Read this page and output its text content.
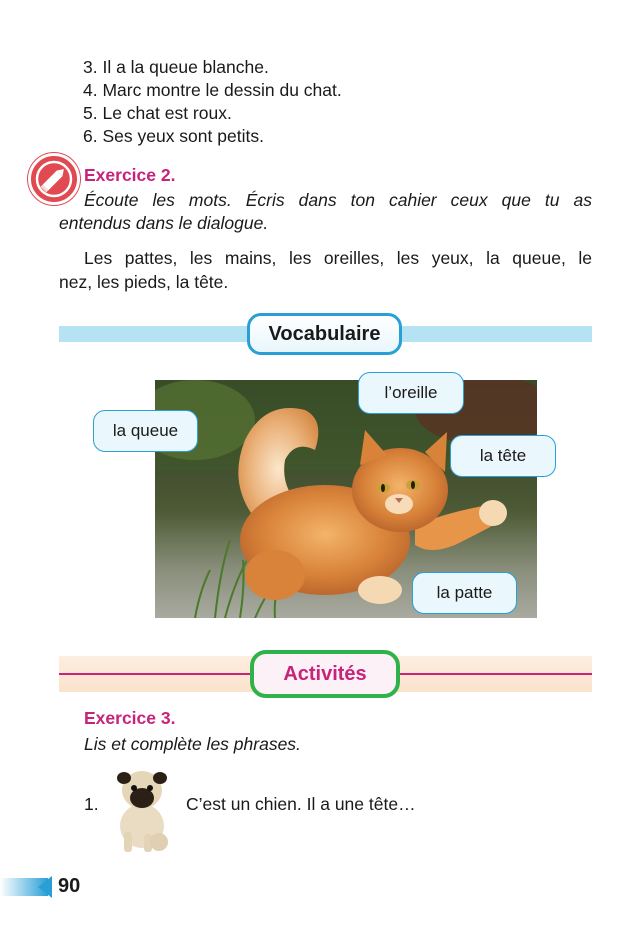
3. Il a la queue blanche.
4. Marc montre le dessin du chat.
5. Le chat est roux.
6. Ses yeux sont petits.
Exercice 2.
Écoute les mots. Écris dans ton cahier ceux que tu as
entendus dans le dialogue.
Les pattes, les mains, les oreilles, les yeux, la queue, le
nez, les pieds, la tête.
Vocabulaire
l’oreille
la queue
la tête
la patte
Activités
Exercice 3.
Lis et complète les phrases.
1.	C’est un chien. Il a une tête…
90
